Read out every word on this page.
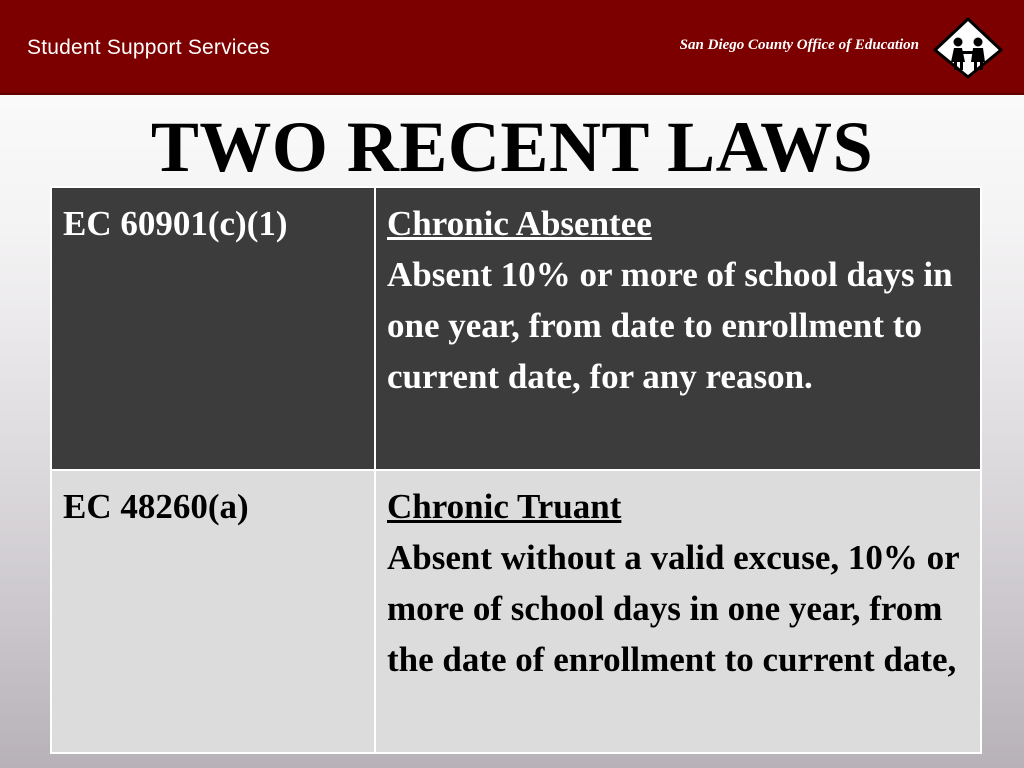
Student Support Services	San Diego County Office of Education
TWO RECENT LAWS
EC 60901(c)(1)	Chronic Absentee
Absent 10% or more of school days in one year, from date to enrollment to current date, for any reason.

EC 48260(a)	Chronic Truant
Absent without a valid excuse, 10% or more of school days in one year, from the date of enrollment to current date,
